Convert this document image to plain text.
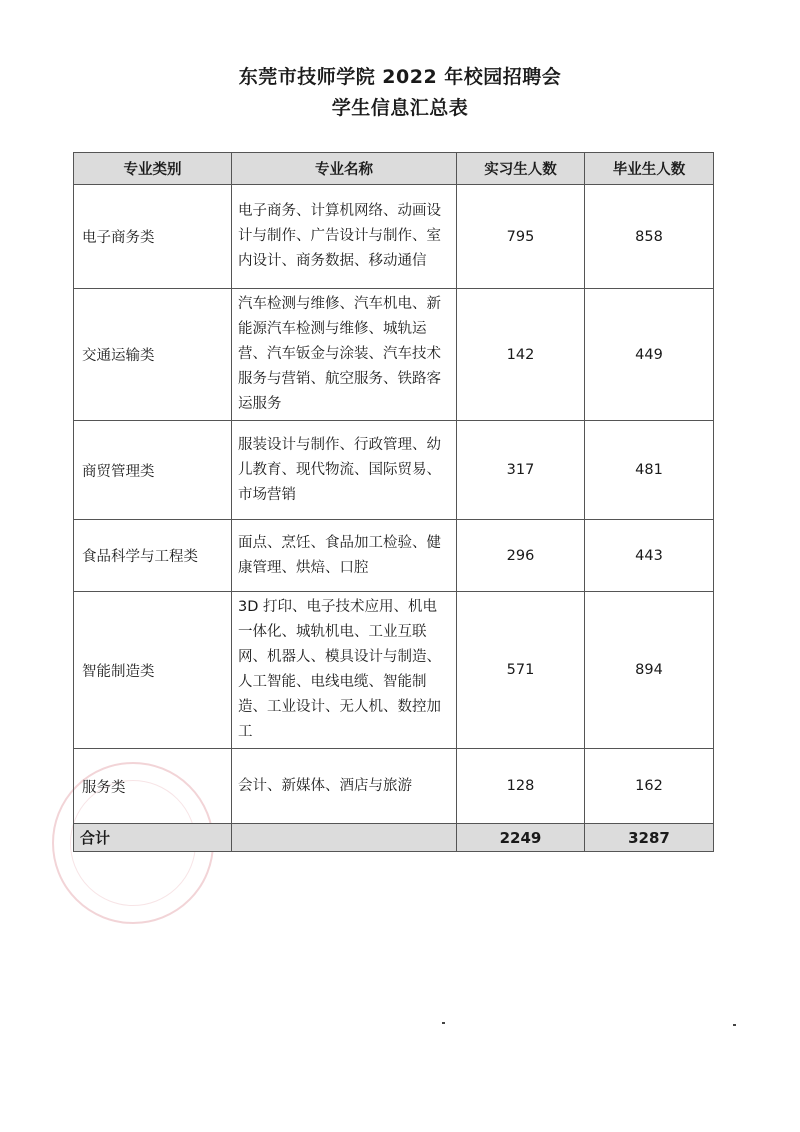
东莞市技师学院 2022 年校园招聘会
学生信息汇总表
专业类别	专业名称	实习生人数	毕业生人数
电子商务类	电子商务、计算机网络、动画设计与制作、广告设计与制作、室内设计、商务数据、移动通信	795	858
交通运输类	汽车检测与维修、汽车机电、新能源汽车检测与维修、城轨运营、汽车钣金与涂装、汽车技术服务与营销、航空服务、铁路客运服务	142	449
商贸管理类	服装设计与制作、行政管理、幼儿教育、现代物流、国际贸易、市场营销	317	481
食品科学与工程类	面点、烹饪、食品加工检验、健康管理、烘焙、口腔	296	443
智能制造类	3D 打印、电子技术应用、机电一体化、城轨机电、工业互联网、机器人、模具设计与制造、人工智能、电线电缆、智能制造、工业设计、无人机、数控加工	571	894
服务类	会计、新媒体、酒店与旅游	128	162
合计		2249	3287
